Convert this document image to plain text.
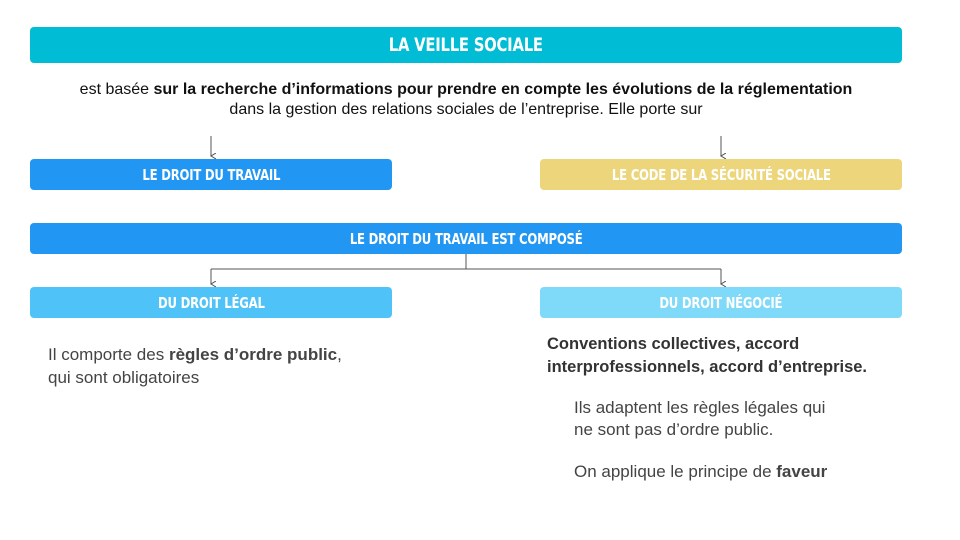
LA VEILLE SOCIALE
est basée sur la recherche d’informations pour prendre en compte les évolutions de la réglementation
dans la gestion des relations sociales de l’entreprise. Elle porte sur
LE DROIT DU TRAVAIL	LE CODE DE LA SÉCURITÉ SOCIALE
LE DROIT DU TRAVAIL EST COMPOSÉ
DU DROIT LÉGAL	DU DROIT NÉGOCIÉ
Il comporte des règles d’ordre public,
qui sont obligatoires
Conventions collectives, accord
interprofessionnels, accord d’entreprise.
Ils adaptent les règles légales qui
ne sont pas d’ordre public.
On applique le principe de faveur
